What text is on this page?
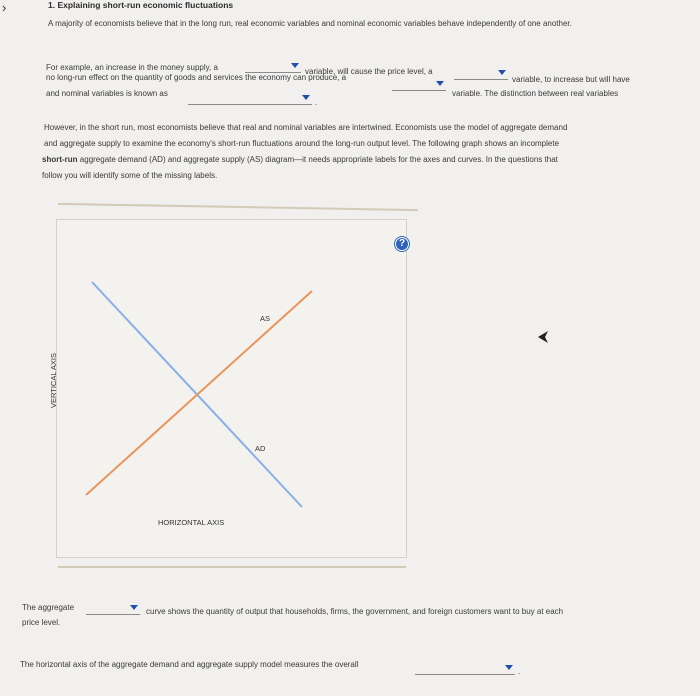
›	1. Explaining short-run economic fluctuations
A majority of economists believe that in the long run, real economic variables and nominal economic variables behave independently of one another.
For example, an increase in the money supply, a	variable, will cause the price level, a
variable, to increase but will have
no long-run effect on the quantity of goods and services the economy can produce, a
variable. The distinction between real variables
and nominal variables is known as
.
However, in the short run, most economists believe that real and nominal variables are intertwined. Economists use the model of aggregate demand
and aggregate supply to examine the economy's short-run fluctuations around the long-run output level. The following graph shows an incomplete
short-run aggregate demand (AD) and aggregate supply (AS) diagram—it needs appropriate labels for the axes and curves. In the questions that
follow you will identify some of the missing labels.
?
AS
AD
HORIZONTAL AXIS
VERTICAL AXIS
The aggregate	curve shows the quantity of output that households, firms, the government, and foreign customers want to buy at each
price level.
The horizontal axis of the aggregate demand and aggregate supply model measures the overall
.
